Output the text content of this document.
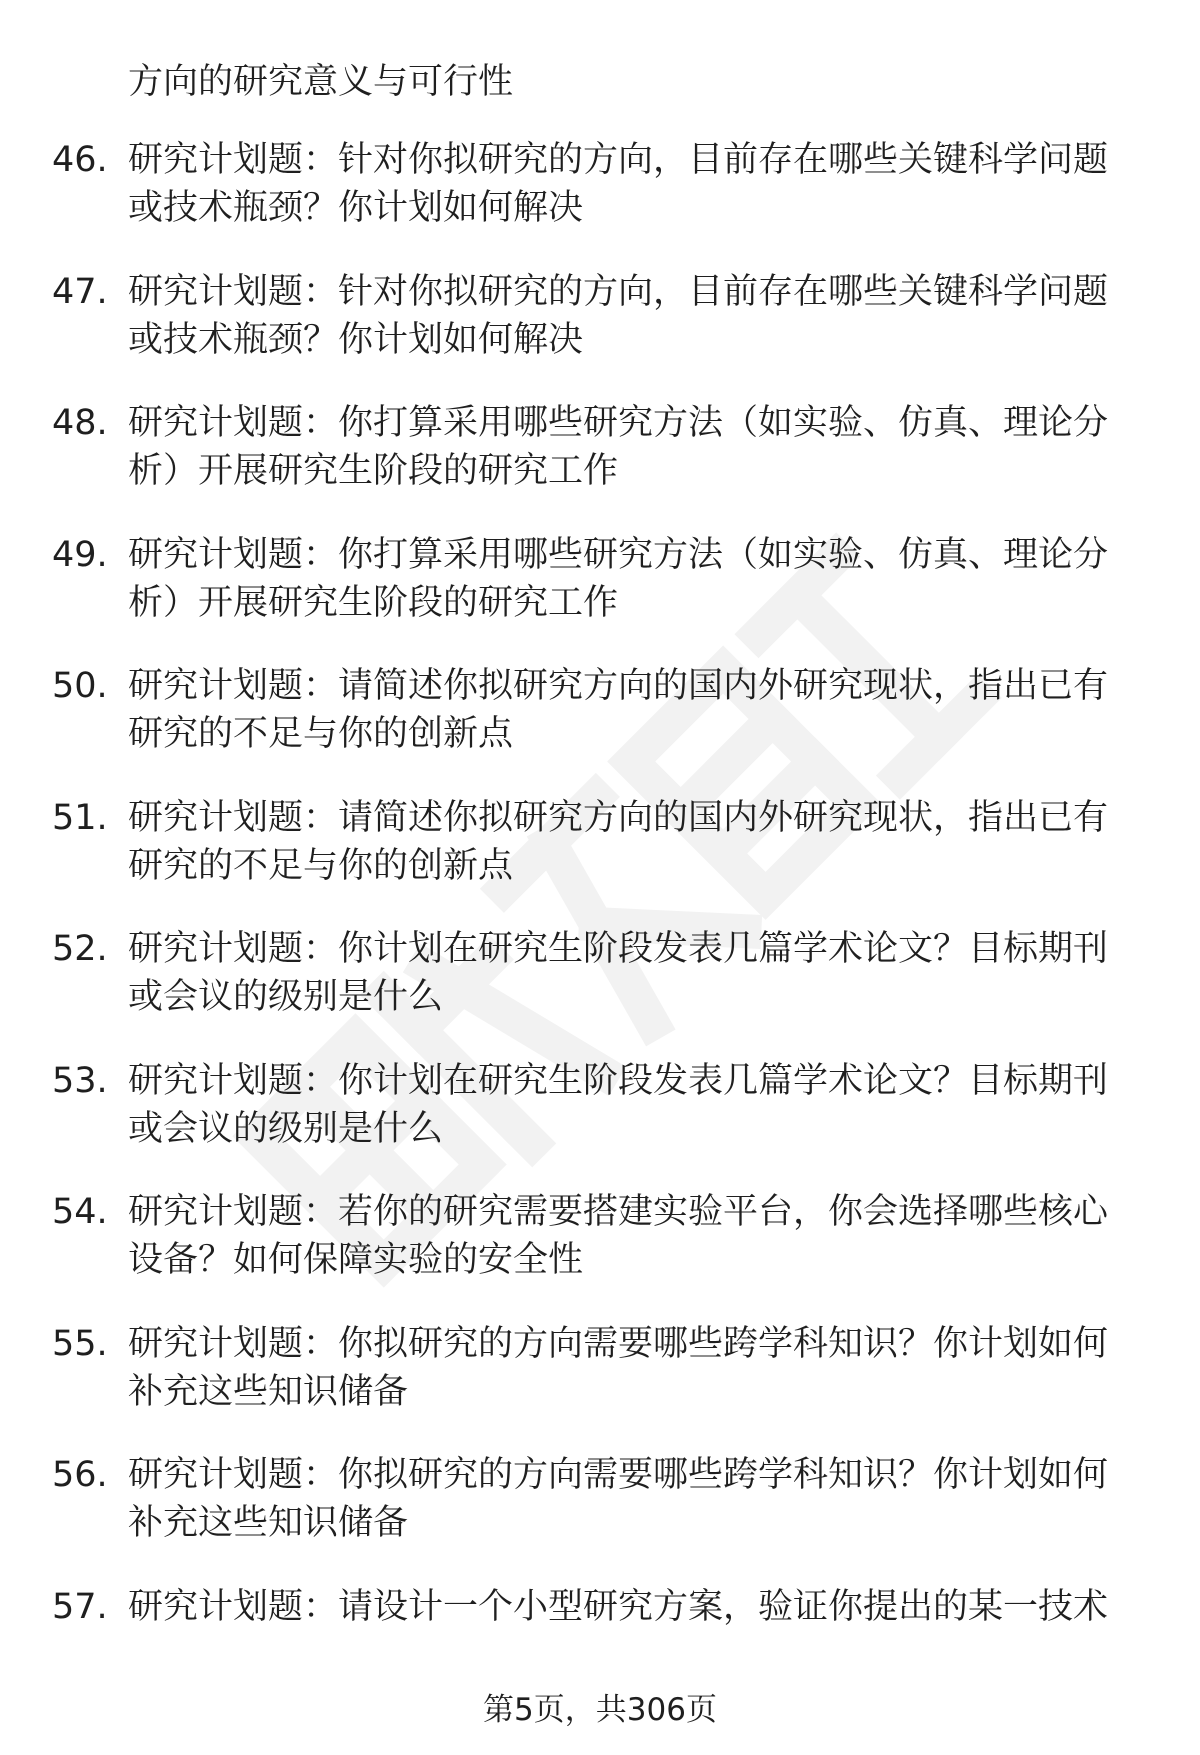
方向的研究意义与可行性

46. 研究计划题：针对你拟研究的方向，目前存在哪些关键科学问题或技术瓶颈？你计划如何解决
47. 研究计划题：针对你拟研究的方向，目前存在哪些关键科学问题或技术瓶颈？你计划如何解决
48. 研究计划题：你打算采用哪些研究方法（如实验、仿真、理论分析）开展研究生阶段的研究工作
49. 研究计划题：你打算采用哪些研究方法（如实验、仿真、理论分析）开展研究生阶段的研究工作
50. 研究计划题：请简述你拟研究方向的国内外研究现状，指出已有研究的不足与你的创新点
51. 研究计划题：请简述你拟研究方向的国内外研究现状，指出已有研究的不足与你的创新点
52. 研究计划题：你计划在研究生阶段发表几篇学术论文？目标期刊或会议的级别是什么
53. 研究计划题：你计划在研究生阶段发表几篇学术论文？目标期刊或会议的级别是什么
54. 研究计划题：若你的研究需要搭建实验平台，你会选择哪些核心设备？如何保障实验的安全性
55. 研究计划题：你拟研究的方向需要哪些跨学科知识？你计划如何补充这些知识储备
56. 研究计划题：你拟研究的方向需要哪些跨学科知识？你计划如何补充这些知识储备
57. 研究计划题：请设计一个小型研究方案，验证你提出的某一技术

第5页，共306页
